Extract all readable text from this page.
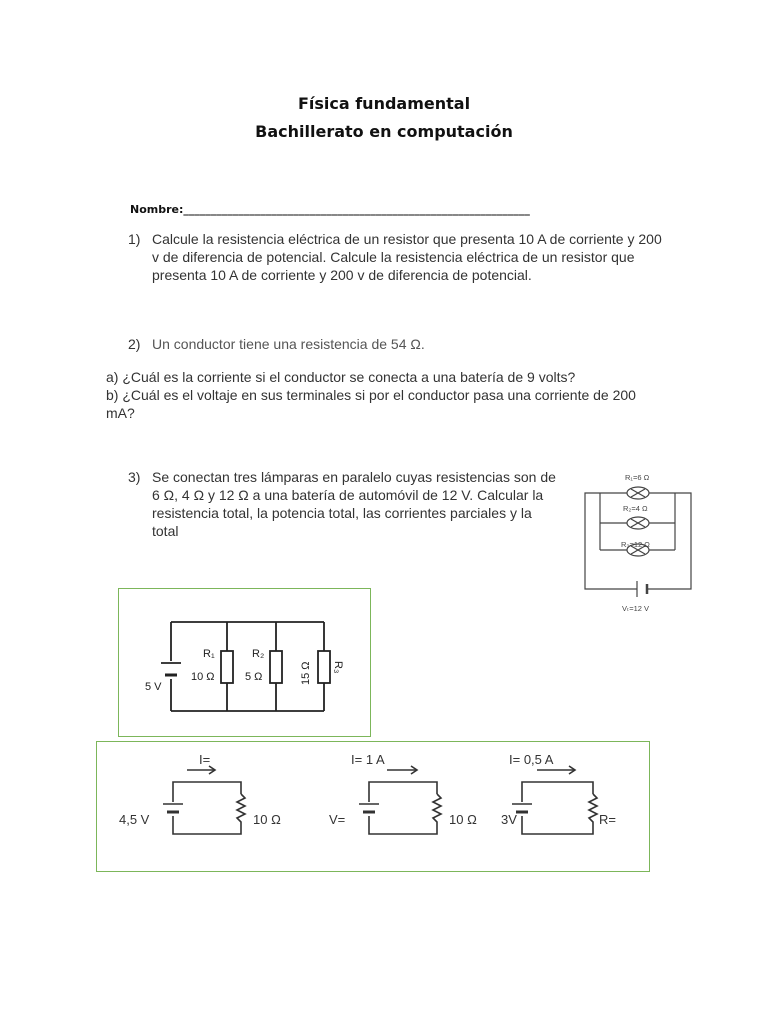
Física fundamental
Bachillerato en computación
Nombre:_______________________________________________________________
1) Calcule la resistencia eléctrica de un resistor que presenta 10 A de corriente y 200
v de diferencia de potencial. Calcule la resistencia eléctrica de un resistor que
presenta 10 A de corriente y 200 v de diferencia de potencial.
2) Un conductor tiene una resistencia de 54 Ω.
a) ¿Cuál es la corriente si el conductor se conecta a una batería de 9 volts?
b) ¿Cuál es el voltaje en sus terminales si por el conductor pasa una corriente de 200
mA?
3) Se conectan tres lámparas en paralelo cuyas resistencias son de
6 Ω, 4 Ω y 12 Ω a una batería de automóvil de 12 V. Calcular la
resistencia total, la potencia total, las corrientes parciales y la
total
R₁=6 Ω
R₂=4 Ω
R₃=12 Ω
Vₜ=12 V
5 V
R₁
10 Ω
R₂
5 Ω	15 Ω R₃
I=
4,5 V	10 Ω
I= 1 A
V=	10 Ω
I= 0,5 A
3V	R=
